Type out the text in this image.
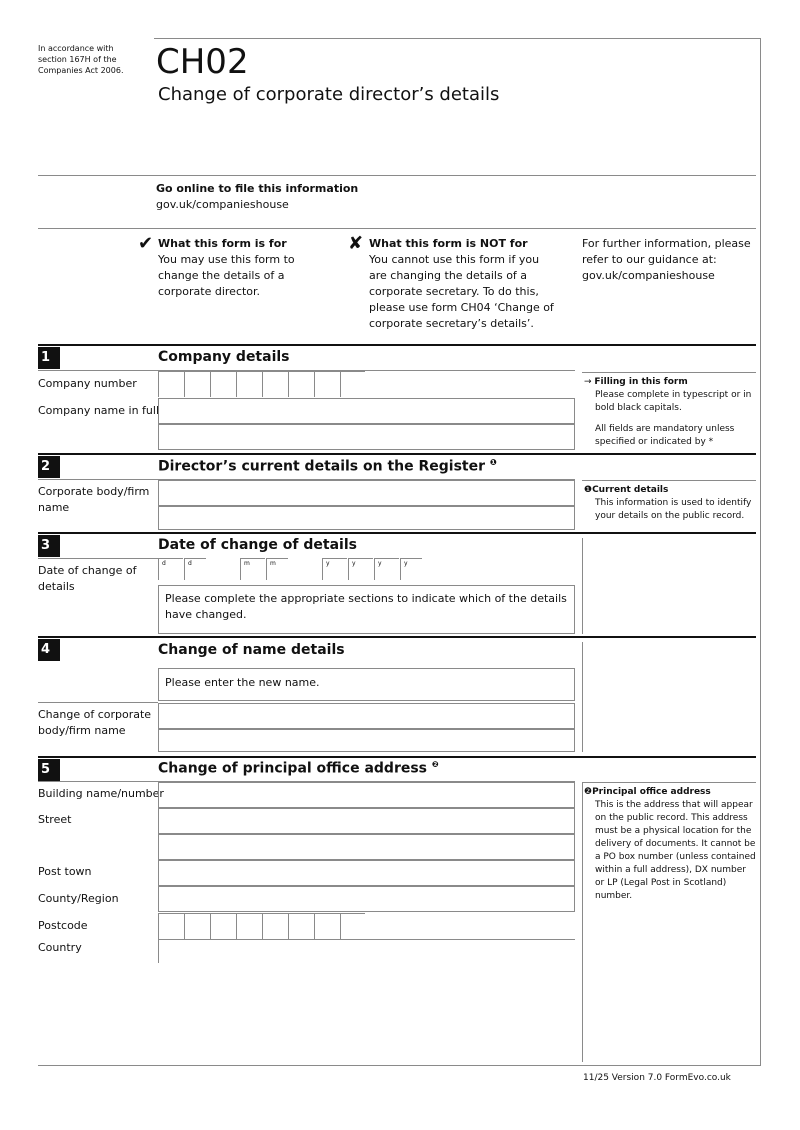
In accordance with section 167H of the Companies Act 2006. CH02
Change of corporate director’s details
Go online to file this information
gov.uk/companieshouse
✔ What this form is for
You may use this form to change the details of a corporate director.
✘ What this form is NOT for
You cannot use this form if you are changing the details of a corporate secretary. To do this, please use form CH04 ‘Change of corporate secretary’s details’.
For further information, please refer to our guidance at: gov.uk/companieshouse
1	Company details
Company number
Company name in full
→ Filling in this form
Please complete in typescript or in bold black capitals.
All fields are mandatory unless specified or indicated by *
2	Director’s current details on the Register $^❶$
Corporate body/firm name
❶Current details
This information is used to identify your details on the public record.
3	Date of change of details
Date of change of details
d	d	m	m	y	y	y	y
Please complete the appropriate sections to indicate which of the details have changed.
4	Change of name details
Please enter the new name.
Change of corporate body/firm name
5	Change of principal office address $^❷$
Building name/number
Street
Post town
County/Region
Postcode
Country
❷Principal office address
This is the address that will appear on the public record. This address must be a physical location for the delivery of documents. It cannot be a PO box number (unless contained within a full address), DX number or LP (Legal Post in Scotland) number.
11/25 Version 7.0 FormEvo.co.uk
